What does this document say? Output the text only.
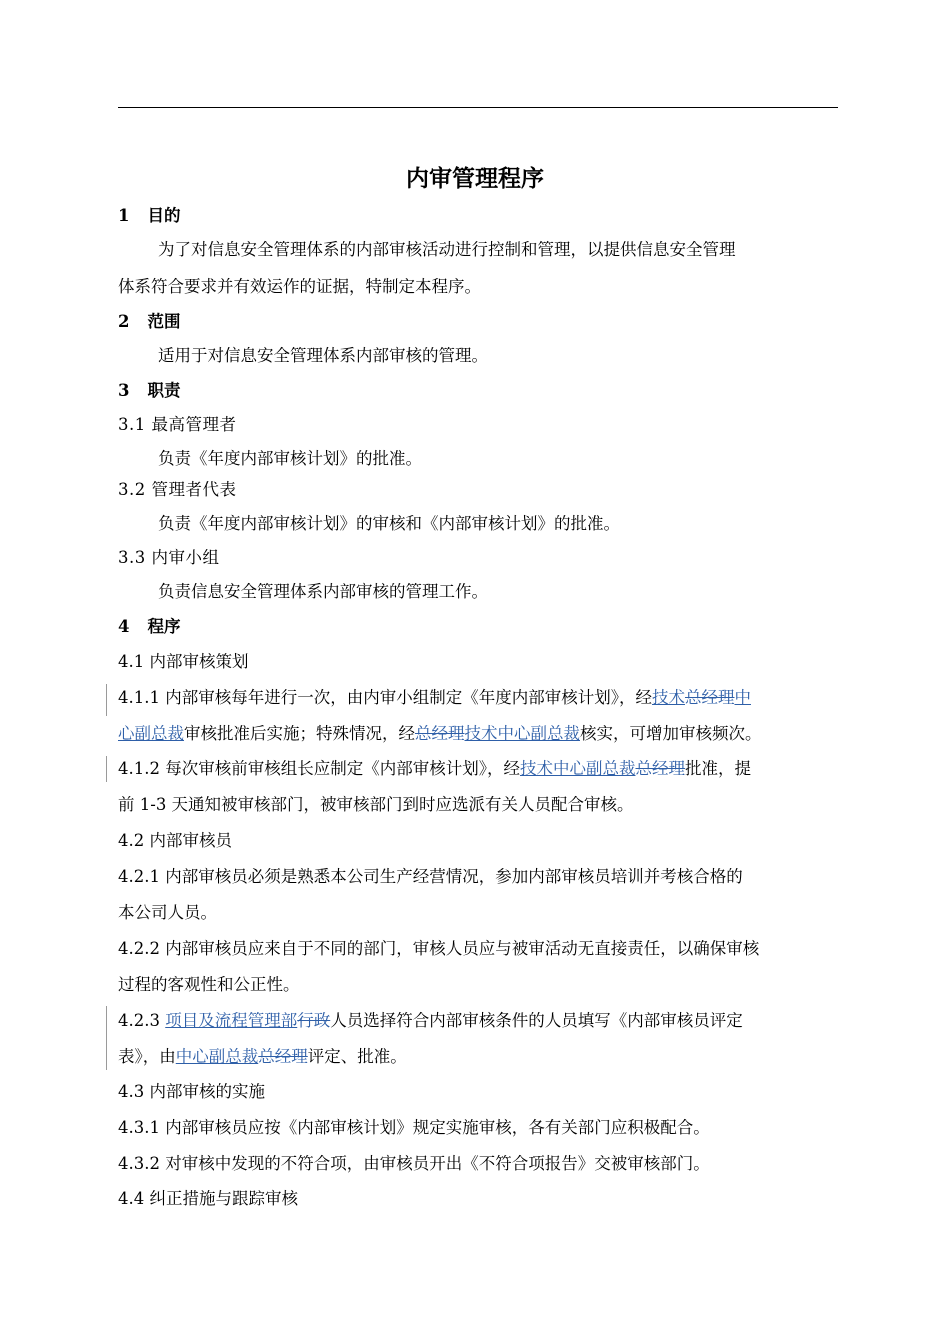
内审管理程序
1 目的
为了对信息安全管理体系的内部审核活动进行控制和管理，以提供信息安全管理
体系符合要求并有效运作的证据，特制定本程序。
2 范围
适用于对信息安全管理体系内部审核的管理。
3 职责
3.1 最高管理者
负责《年度内部审核计划》的批准。
3.2 管理者代表
负责《年度内部审核计划》的审核和《内部审核计划》的批准。
3.3 内审小组
负责信息安全管理体系内部审核的管理工作。
4 程序
4.1 内部审核策划
4.1.1 内部审核每年进行一次，由内审小组制定《年度内部审核计划》，经技术总经理中
心副总裁审核批准后实施；特殊情况，经总经理技术中心副总裁核实，可增加审核频次。
4.1.2 每次审核前审核组长应制定《内部审核计划》，经技术中心副总裁总经理批准，提
前 1-3 天通知被审核部门，被审核部门到时应选派有关人员配合审核。
4.2 内部审核员
4.2.1 内部审核员必须是熟悉本公司生产经营情况，参加内部审核员培训并考核合格的
本公司人员。
4.2.2 内部审核员应来自于不同的部门，审核人员应与被审活动无直接责任，以确保审核
过程的客观性和公正性。
4.2.3 项目及流程管理部行政人员选择符合内部审核条件的人员填写《内部审核员评定
表》，由中心副总裁总经理评定、批准。
4.3 内部审核的实施
4.3.1 内部审核员应按《内部审核计划》规定实施审核，各有关部门应积极配合。
4.3.2 对审核中发现的不符合项，由审核员开出《不符合项报告》交被审核部门。
4.4 纠正措施与跟踪审核
